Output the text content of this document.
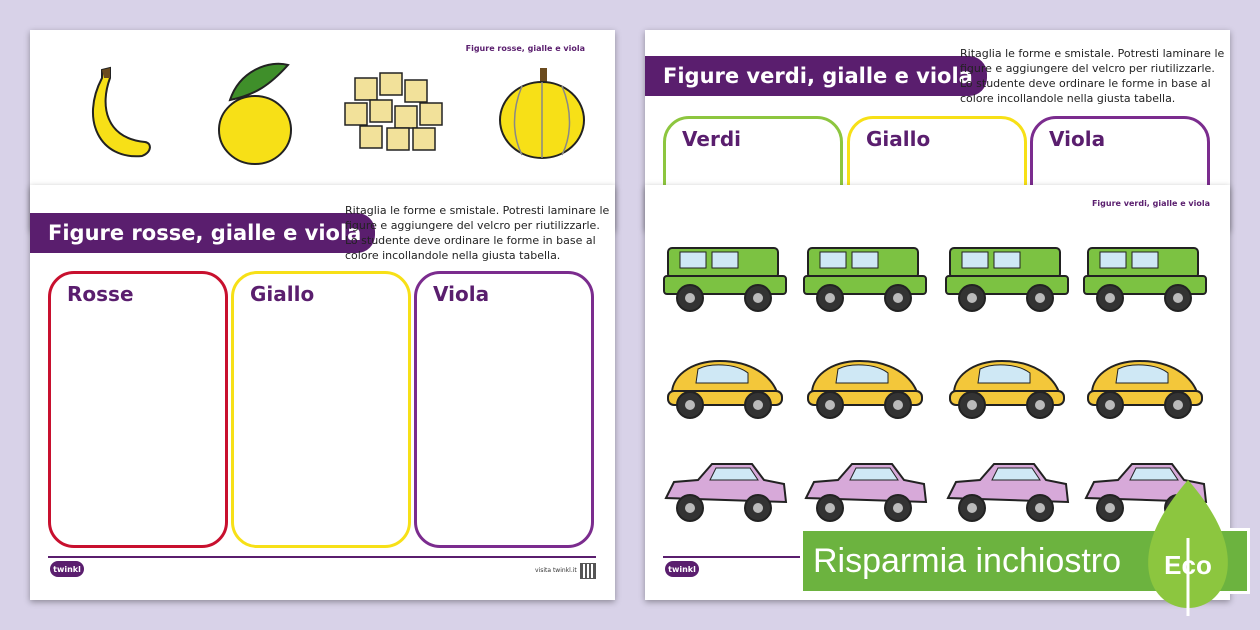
Figure rosse, gialle e viola
Figure verdi, gialle e viola
Ritaglia le forme e smistale. Potresti laminare le
figure e aggiungere del velcro per riutilizzarle.
Lo studente deve ordinare le forme in base al
colore incollandole nella giusta tabella.
Verdi	Giallo	Viola
Figure rosse, gialle e viola
Ritaglia le forme e smistale. Potresti laminare le
figure e aggiungere del velcro per riutilizzarle.
Lo studente deve ordinare le forme in base al
colore incollandole nella giusta tabella.
Rosse	Giallo	Viola
twinkl	visita twinkl.it
Figure verdi, gialle e viola
twinkl	Risparmia inchiostro Eco
